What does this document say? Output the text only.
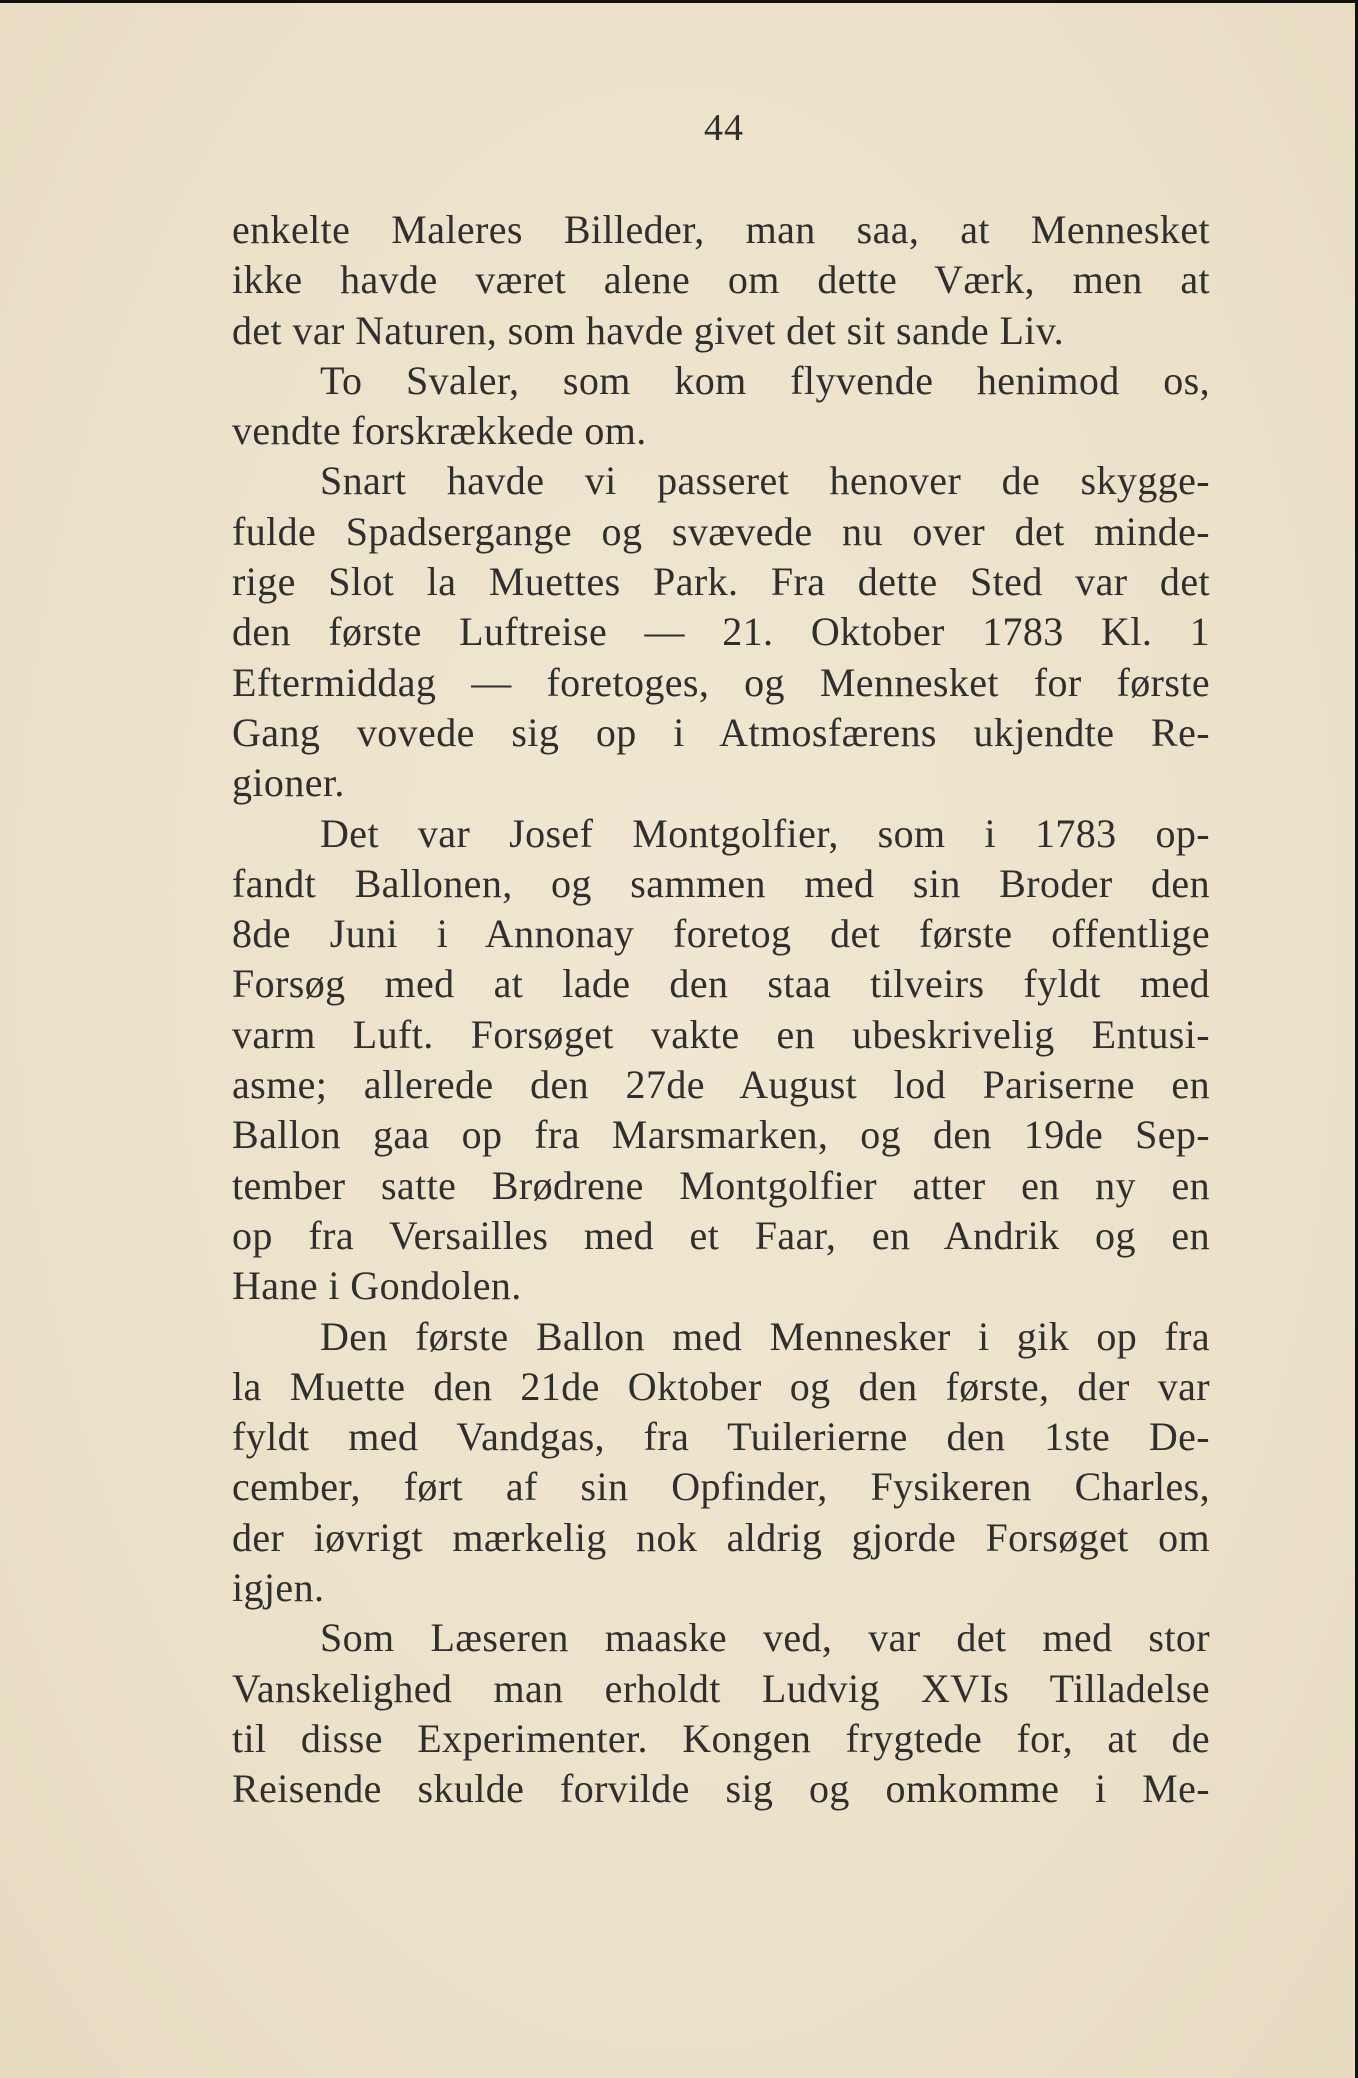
44
enkelte Maleres Billeder, man saa, at Mennesket
ikke havde været alene om dette Værk, men at
det var Naturen, som havde givet det sit sande Liv.
To Svaler, som kom flyvende henimod os,
vendte forskrækkede om.
Snart havde vi passeret henover de skygge-
fulde Spadsergange og svævede nu over det minde-
rige Slot la Muettes Park. Fra dette Sted var det
den første Luftreise — 21. Oktober 1783 Kl. 1
Eftermiddag — foretoges, og Mennesket for første
Gang vovede sig op i Atmosfærens ukjendte Re-
gioner.
Det var Josef Montgolfier, som i 1783 op-
fandt Ballonen, og sammen med sin Broder den
8de Juni i Annonay foretog det første offentlige
Forsøg med at lade den staa tilveirs fyldt med
varm Luft. Forsøget vakte en ubeskrivelig Entusi-
asme; allerede den 27de August lod Pariserne en
Ballon gaa op fra Marsmarken, og den 19de Sep-
tember satte Brødrene Montgolfier atter en ny en
op fra Versailles med et Faar, en Andrik og en
Hane i Gondolen.
Den første Ballon med Mennesker i gik op fra
la Muette den 21de Oktober og den første, der var
fyldt med Vandgas, fra Tuilerierne den 1ste De-
cember, ført af sin Opfinder, Fysikeren Charles,
der iøvrigt mærkelig nok aldrig gjorde Forsøget om
igjen.
Som Læseren maaske ved, var det med stor
Vanskelighed man erholdt Ludvig XVIs Tilladelse
til disse Experimenter. Kongen frygtede for, at de
Reisende skulde forvilde sig og omkomme i Me-
